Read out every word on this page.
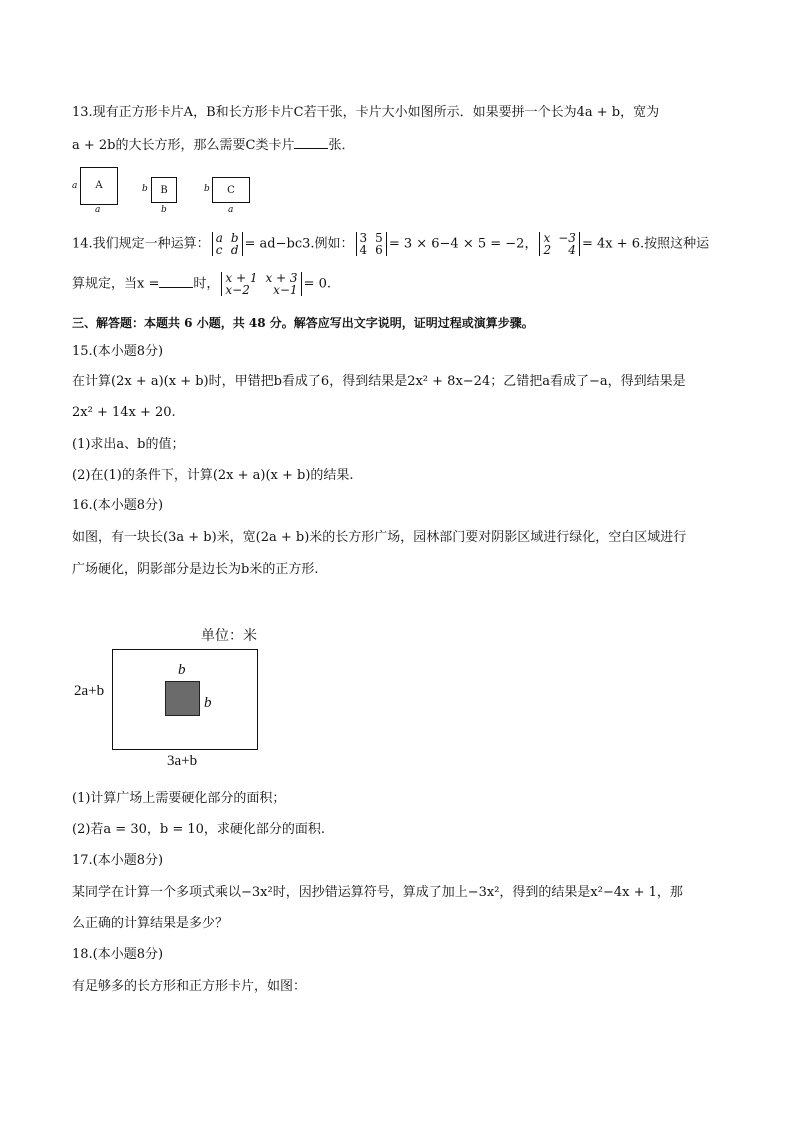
13.现有正方形卡片A，B和长方形卡片C若干张，卡片大小如图所示．如果要拼一个长为4a + b，宽为
a + 2b的大长方形，那么需要C类卡片	张．
a	A
a
b	B
b
b	C
a
14.我们规定一种运算： a b
c d = ad−bc3.例如： 3 5
4 6 = 3 × 6−4 × 5 = −2， x −3
2 4 = 4x + 6.按照这种运
算规定，当x =	时， x + 1 x + 3
x−2 x−1 = 0.
三、解答题：本题共 6 小题，共 48 分。解答应写出文字说明，证明过程或演算步骤。
15.(本小题8分)
在计算(2x + a)(x + b)时，甲错把b看成了6，得到结果是2x² + 8x−24；乙错把a看成了−a，得到结果是
2x² + 14x + 20.
(1)求出a、b的值；
(2)在(1)的条件下，计算(2x + a)(x + b)的结果.
16.(本小题8分)
如图，有一块长(3a + b)米，宽(2a + b)米的长方形广场，园林部门要对阴影区域进行绿化，空白区域进行
广场硬化，阴影部分是边长为b米的正方形.
单位：米
b
b
2a+b
3a+b
(1)计算广场上需要硬化部分的面积；
(2)若a = 30，b = 10，求硬化部分的面积.
17.(本小题8分)
某同学在计算一个多项式乘以−3x²时，因抄错运算符号，算成了加上−3x²，得到的结果是x²−4x + 1，那
么正确的计算结果是多少？
18.(本小题8分)
有足够多的长方形和正方形卡片，如图：
